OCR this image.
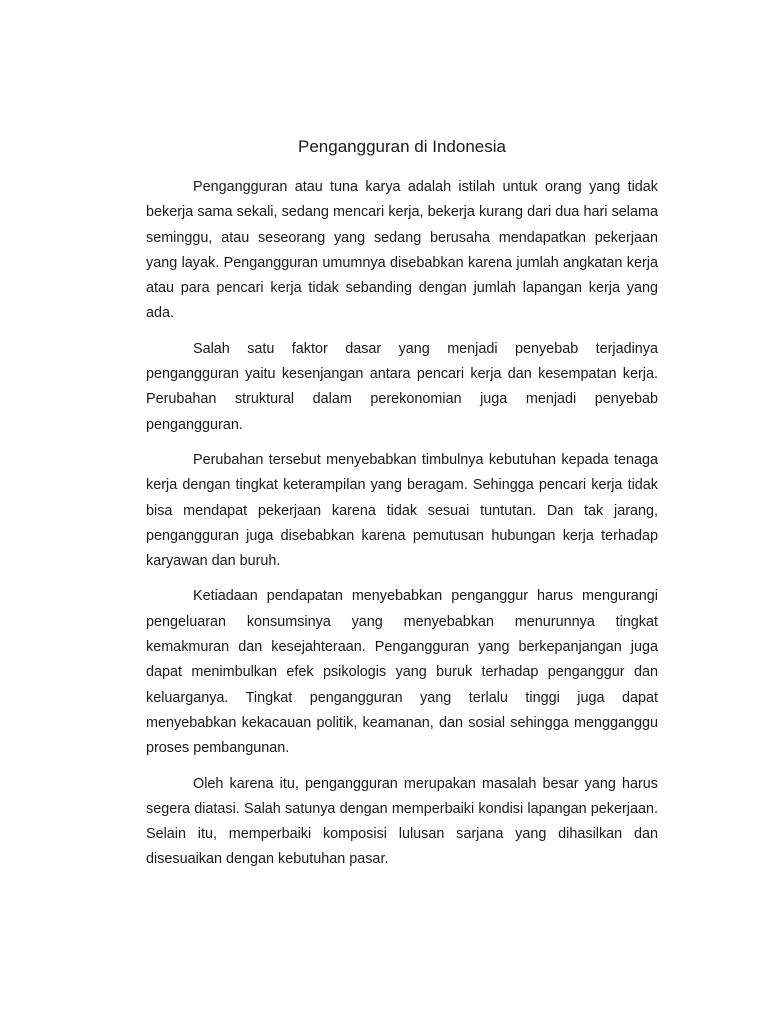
Pengangguran di Indonesia

Pengangguran atau tuna karya adalah istilah untuk orang yang tidak bekerja sama sekali, sedang mencari kerja, bekerja kurang dari dua hari selama seminggu, atau seseorang yang sedang berusaha mendapatkan pekerjaan yang layak. Pengangguran umumnya disebabkan karena jumlah angkatan kerja atau para pencari kerja tidak sebanding dengan jumlah lapangan kerja yang ada.

Salah satu faktor dasar yang menjadi penyebab terjadinya pengangguran yaitu kesenjangan antara pencari kerja dan kesempatan kerja. Perubahan struktural dalam perekonomian juga menjadi penyebab pengangguran.

Perubahan tersebut menyebabkan timbulnya kebutuhan kepada tenaga kerja dengan tingkat keterampilan yang beragam. Sehingga pencari kerja tidak bisa mendapat pekerjaan karena tidak sesuai tuntutan. Dan tak jarang, pengangguran juga disebabkan karena pemutusan hubungan kerja terhadap karyawan dan buruh.

Ketiadaan pendapatan menyebabkan penganggur harus mengurangi pengeluaran konsumsinya yang menyebabkan menurunnya tingkat kemakmuran dan kesejahteraan. Pengangguran yang berkepanjangan juga dapat menimbulkan efek psikologis yang buruk terhadap penganggur dan keluarganya. Tingkat pengangguran yang terlalu tinggi juga dapat menyebabkan kekacauan politik, keamanan, dan sosial sehingga mengganggu proses pembangunan.

Oleh karena itu, pengangguran merupakan masalah besar yang harus segera diatasi. Salah satunya dengan memperbaiki kondisi lapangan pekerjaan. Selain itu, memperbaiki komposisi lulusan sarjana yang dihasilkan dan disesuaikan dengan kebutuhan pasar.
